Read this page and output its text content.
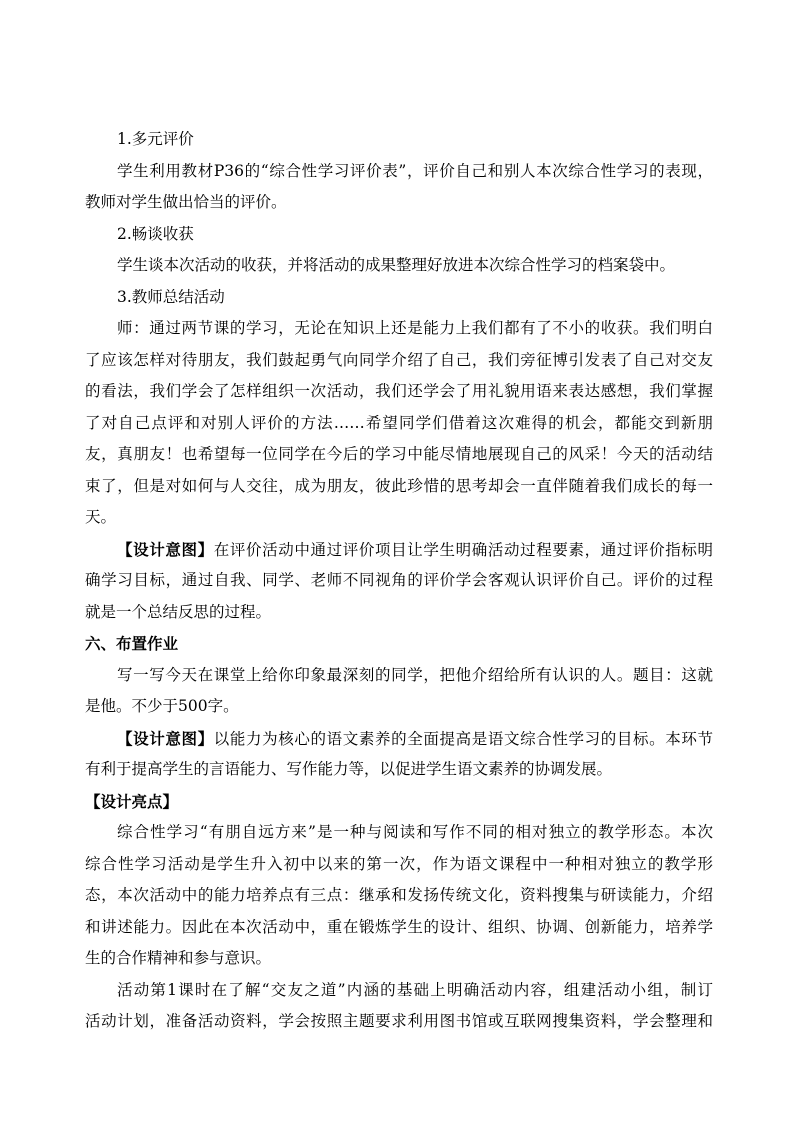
1.多元评价
学生利用教材P36的“综合性学习评价表”，评价自己和别人本次综合性学习的表现，
教师对学生做出恰当的评价。
2.畅谈收获
学生谈本次活动的收获，并将活动的成果整理好放进本次综合性学习的档案袋中。
3.教师总结活动
师：通过两节课的学习，无论在知识上还是能力上我们都有了不小的收获。我们明白
了应该怎样对待朋友，我们鼓起勇气向同学介绍了自己，我们旁征博引发表了自己对交友
的看法，我们学会了怎样组织一次活动，我们还学会了用礼貌用语来表达感想，我们掌握
了对自己点评和对别人评价的方法……希望同学们借着这次难得的机会，都能交到新朋
友，真朋友！也希望每一位同学在今后的学习中能尽情地展现自己的风采！今天的活动结
束了，但是对如何与人交往，成为朋友，彼此珍惜的思考却会一直伴随着我们成长的每一
天。
【设计意图】在评价活动中通过评价项目让学生明确活动过程要素，通过评价指标明
确学习目标，通过自我、同学、老师不同视角的评价学会客观认识评价自己。评价的过程
就是一个总结反思的过程。
六、布置作业
写一写今天在课堂上给你印象最深刻的同学，把他介绍给所有认识的人。题目：这就
是他。不少于500字。
【设计意图】以能力为核心的语文素养的全面提高是语文综合性学习的目标。本环节
有利于提高学生的言语能力、写作能力等，以促进学生语文素养的协调发展。
【设计亮点】
综合性学习“有朋自远方来”是一种与阅读和写作不同的相对独立的教学形态。本次
综合性学习活动是学生升入初中以来的第一次，作为语文课程中一种相对独立的教学形
态，本次活动中的能力培养点有三点：继承和发扬传统文化，资料搜集与研读能力，介绍
和讲述能力。因此在本次活动中，重在锻炼学生的设计、组织、协调、创新能力，培养学
生的合作精神和参与意识。
活动第1课时在了解“交友之道”内涵的基础上明确活动内容，组建活动小组，制订
活动计划，准备活动资料，学会按照主题要求利用图书馆或互联网搜集资料，学会整理和
